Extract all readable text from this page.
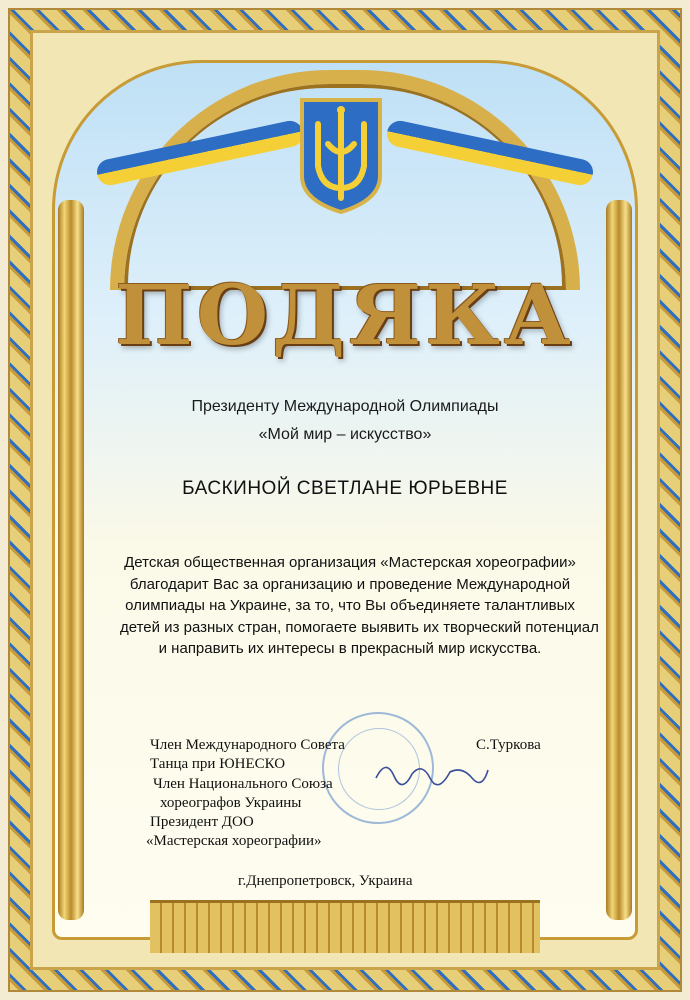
ПОДЯКА
Президенту Международной Олимпиады
«Мой мир – искусство»
БАСКИНОЙ СВЕТЛАНЕ ЮРЬЕВНЕ
Детская общественная организация «Мастерская хореографии»
благодарит Вас за организацию и проведение Международной
олимпиады на Украине, за то, что Вы объединяете талантливых
детей из разных стран, помогаете выявить их творческий потенциал
и направить их интересы в прекрасный мир искусства.
Член Международного Совета
Танца при ЮНЕСКО
Член Национального Союза
хореографов Украины
Президент ДОО
«Мастерская хореографии»
С.Туркова
г.Днепропетровск, Украина
